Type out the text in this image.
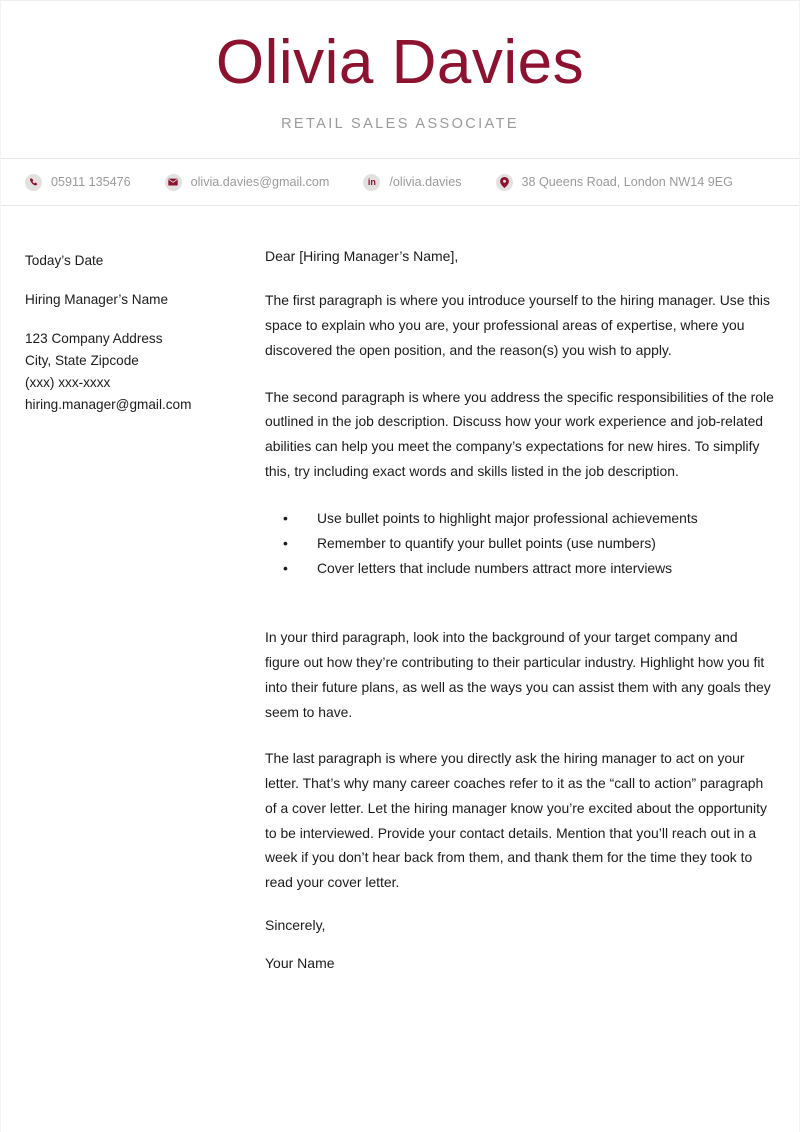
Olivia Davies
RETAIL SALES ASSOCIATE
05911 135476	olivia.davies@gmail.com	in /olivia.davies	38 Queens Road, London NW14 9EG
Today’s Date
Hiring Manager’s Name
123 Company Address
City, State Zipcode
(xxx) xxx-xxxx
hiring.manager@gmail.com
Dear [Hiring Manager’s Name],

The first paragraph is where you introduce yourself to the hiring manager. Use this space to explain who you are, your professional areas of expertise, where you discovered the open position, and the reason(s) you wish to apply.

The second paragraph is where you address the specific responsibilities of the role outlined in the job description. Discuss how your work experience and job-related abilities can help you meet the company’s expectations for new hires. To simplify this, try including exact words and skills listed in the job description.

• Use bullet points to highlight major professional achievements
• Remember to quantify your bullet points (use numbers)
• Cover letters that include numbers attract more interviews

In your third paragraph, look into the background of your target company and figure out how they’re contributing to their particular industry. Highlight how you fit into their future plans, as well as the ways you can assist them with any goals they seem to have.

The last paragraph is where you directly ask the hiring manager to act on your letter. That’s why many career coaches refer to it as the “call to action” paragraph of a cover letter. Let the hiring manager know you’re excited about the opportunity to be interviewed. Provide your contact details. Mention that you’ll reach out in a week if you don’t hear back from them, and thank them for the time they took to read your cover letter.

Sincerely,
Your Name
